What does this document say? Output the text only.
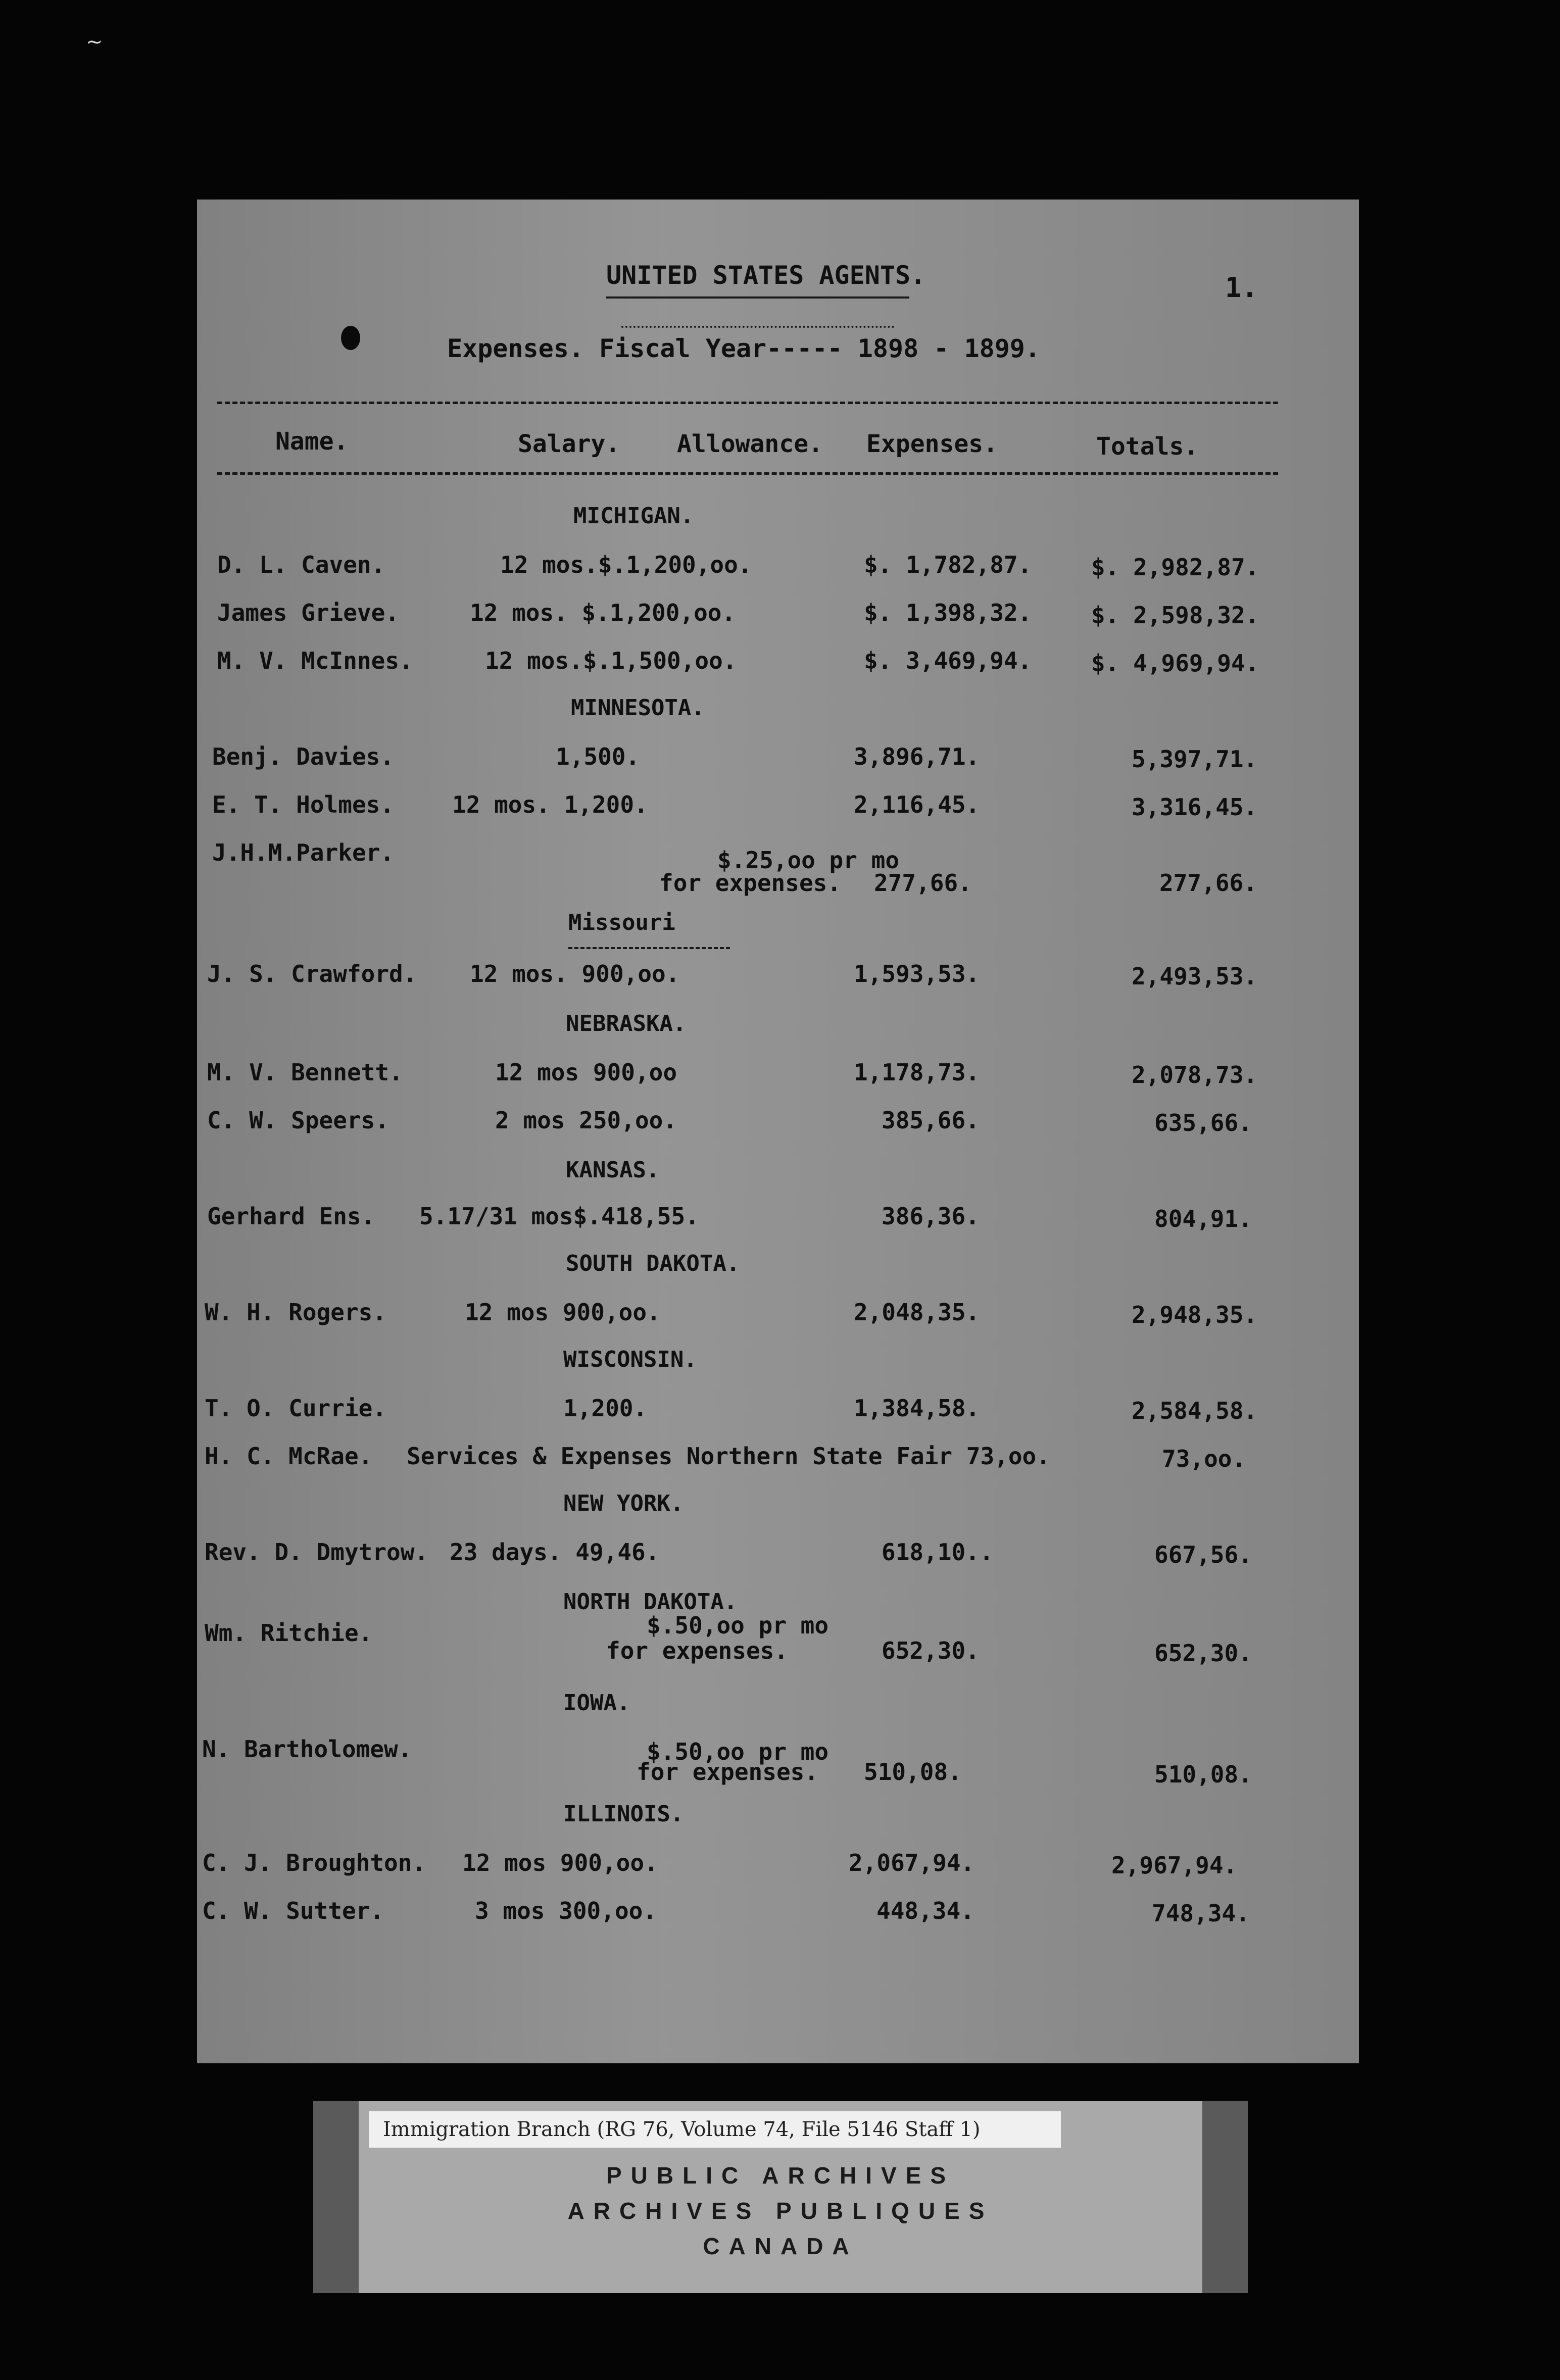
∼
UNITED STATES AGENTS.	1.
Expenses. Fiscal Year----- 1898 - 1899.
Name.	Salary. Allowance. Expenses.	Totals.
MICHIGAN.
D. L. Caven.	12 mos.$.1,200,oo.	$. 1,782,87.	$. 2,982,87.
James Grieve.	12 mos. $.1,200,oo.	$. 1,398,32.	$. 2,598,32.
M. V. McInnes.	12 mos.$.1,500,oo.	$. 3,469,94.	$. 4,969,94.
MINNESOTA.
Benj. Davies.	1,500.	3,896,71.	5,397,71.
E. T. Holmes. 12 mos. 1,200.	2,116,45.	3,316,45.
J.H.M.Parker.	$.25,oo pr mo
for expenses. 277,66.	277,66.
Missouri
J. S. Crawford. 12 mos. 900,oo.	1,593,53.	2,493,53.
NEBRASKA.
M. V. Bennett.	12 mos 900,oo	1,178,73.	2,078,73.
C. W. Speers.	2 mos 250,oo.	385,66.	635,66.
KANSAS.
Gerhard Ens. 5.17/31 mos$.418,55.	386,36.	804,91.
SOUTH DAKOTA.
W. H. Rogers.	12 mos 900,oo.	2,048,35.	2,948,35.
WISCONSIN.
T. O. Currie.	1,200.	1,384,58.	2,584,58.
H. C. McRae. Services & Expenses Northern State Fair 73,oo.	73,oo.
NEW YORK.
Rev. D. Dmytrow. 23 days. 49,46.	618,10..	667,56.
NORTH DAKOTA.
Wm. Ritchie.	$.50,oo pr mo
for expenses.	652,30.	652,30.
IOWA.
N. Bartholomew.	$.50,oo pr mo
for expenses. 510,08.	510,08.
ILLINOIS.
C. J. Broughton. 12 mos 900,oo.	2,067,94.	2,967,94.
C. W. Sutter.	3 mos 300,oo.	448,34.	748,34.
Immigration Branch (RG 76, Volume 74, File 5146 Staff 1)
PUBLIC ARCHIVES
ARCHIVES PUBLIQUES
CANADA
